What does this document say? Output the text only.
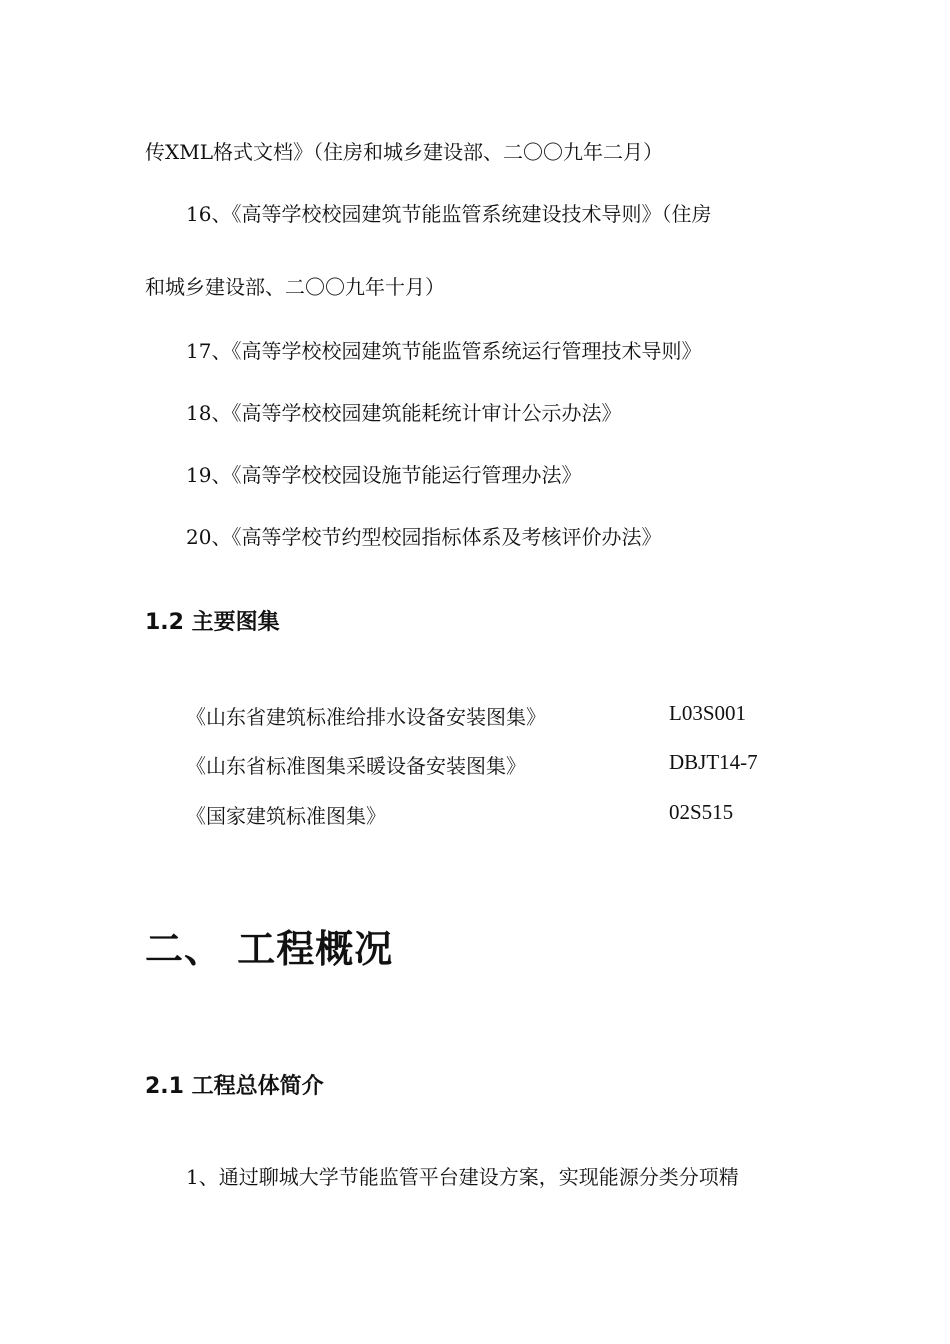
传XML格式文档》（住房和城乡建设部、二〇〇九年二月）
16、《高等学校校园建筑节能监管系统建设技术导则》（住房
和城乡建设部、二〇〇九年十月）
17、《高等学校校园建筑节能监管系统运行管理技术导则》
18、《高等学校校园建筑能耗统计审计公示办法》
19、《高等学校校园设施节能运行管理办法》
20、《高等学校节约型校园指标体系及考核评价办法》
1.2 主要图集
《山东省建筑标准给排水设备安装图集》	L03S001
《山东省标准图集采暖设备安装图集》	DBJT14-7
《国家建筑标准图集》	02S515
二、 工程概况
2.1 工程总体简介
1、通过聊城大学节能监管平台建设方案，实现能源分类分项精
